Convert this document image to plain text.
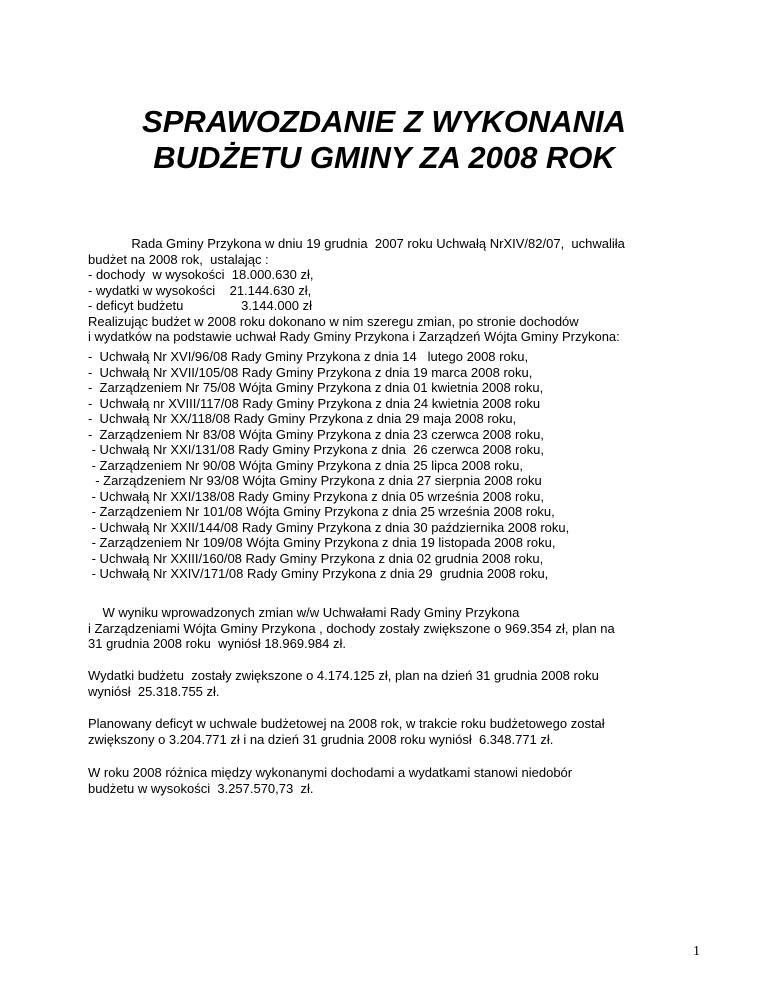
SPRAWOZDANIE Z WYKONANIA
BUDŻETU GMINY ZA 2008 ROK
Rada Gminy Przykona w dniu 19 grudnia  2007 roku Uchwałą NrXIV/82/07,  uchwaliła
budżet na 2008 rok,  ustalając :
- dochody  w wysokości  18.000.630 zł,
- wydatki w wysokości    21.144.630 zł,
- deficyt budżetu                3.144.000 zł
Realizując budżet w 2008 roku dokonano w nim szeregu zmian, po stronie dochodów
i wydatków na podstawie uchwał Rady Gminy Przykona i Zarządzeń Wójta Gminy Przykona:
-  Uchwałą Nr XVI/96/08 Rady Gminy Przykona z dnia 14   lutego 2008 roku,
-  Uchwałą Nr XVII/105/08 Rady Gminy Przykona z dnia 19 marca 2008 roku,
-  Zarządzeniem Nr 75/08 Wójta Gminy Przykona z dnia 01 kwietnia 2008 roku,
-  Uchwałą nr XVIII/117/08 Rady Gminy Przykona z dnia 24 kwietnia 2008 roku
-  Uchwałą Nr XX/118/08 Rady Gminy Przykona z dnia 29 maja 2008 roku,
-  Zarządzeniem Nr 83/08 Wójta Gminy Przykona z dnia 23 czerwca 2008 roku,
- Uchwałą Nr XXI/131/08 Rady Gminy Przykona z dnia  26 czerwca 2008 roku,
- Zarządzeniem Nr 90/08 Wójta Gminy Przykona z dnia 25 lipca 2008 roku,
- Zarządzeniem Nr 93/08 Wójta Gminy Przykona z dnia 27 sierpnia 2008 roku
- Uchwałą Nr XXI/138/08 Rady Gminy Przykona z dnia 05 września 2008 roku,
- Zarządzeniem Nr 101/08 Wójta Gminy Przykona z dnia 25 września 2008 roku,
- Uchwałą Nr XXII/144/08 Rady Gminy Przykona z dnia 30 października 2008 roku,
- Zarządzeniem Nr 109/08 Wójta Gminy Przykona z dnia 19 listopada 2008 roku,
- Uchwałą Nr XXIII/160/08 Rady Gminy Przykona z dnia 02 grudnia 2008 roku,
- Uchwałą Nr XXIV/171/08 Rady Gminy Przykona z dnia 29  grudnia 2008 roku,
W wyniku wprowadzonych zmian w/w Uchwałami Rady Gminy Przykona
i Zarządzeniami Wójta Gminy Przykona , dochody zostały zwiększone o 969.354 zł, plan na
31 grudnia 2008 roku  wyniósł 18.969.984 zł.
Wydatki budżetu  zostały zwiększone o 4.174.125 zł, plan na dzień 31 grudnia 2008 roku
wyniósł  25.318.755 zł.
Planowany deficyt w uchwale budżetowej na 2008 rok, w trakcie roku budżetowego został
zwiększony o 3.204.771 zł i na dzień 31 grudnia 2008 roku wyniósł  6.348.771 zł.
W roku 2008 różnica między wykonanymi dochodami a wydatkami stanowi niedobór
budżetu w wysokości  3.257.570,73  zł.
1
